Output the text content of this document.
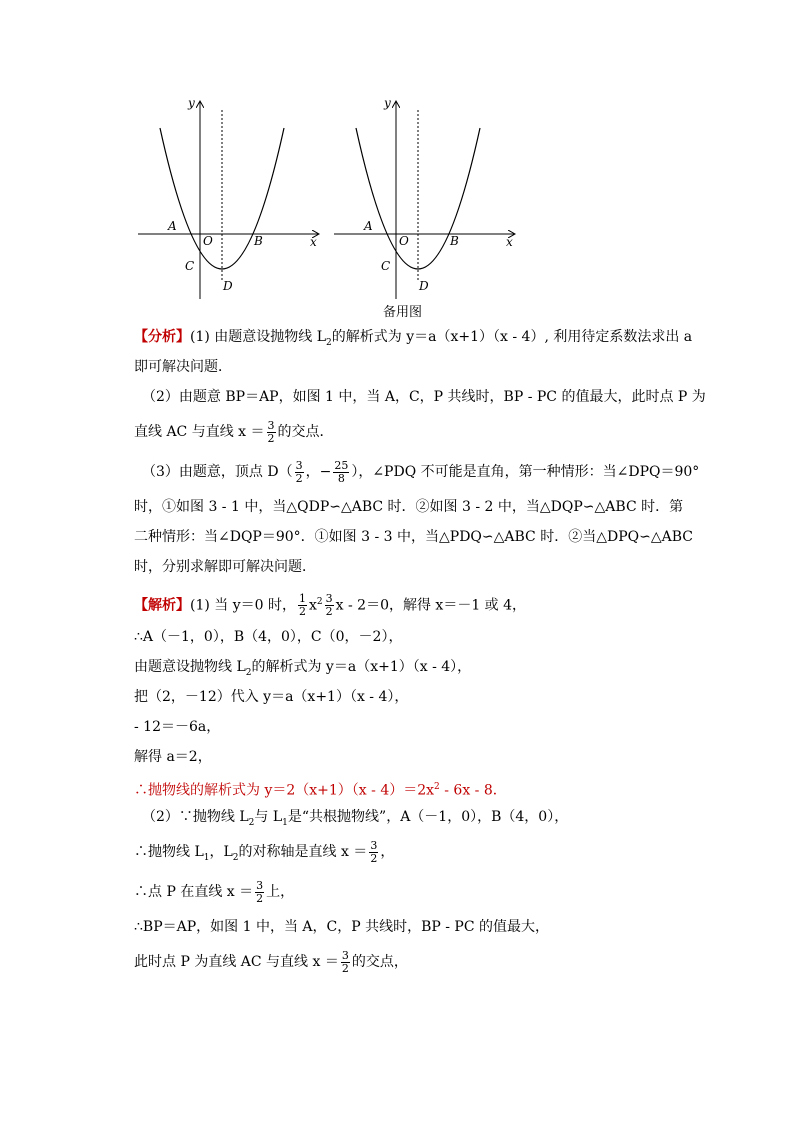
y
x
A
O	B
C
D
y
x
A
O	B
C
D
备用图
【分析】(1) 由题意设抛物线 $L_2$的解析式为 y＝a（x+1）（x - 4）, 利用待定系数法求出 a
即可解决问题．
（2）由题意 BP＝AP，如图 1 中，当 A，C，P 共线时，BP - PC 的值最大，此时点 P 为
直线 AC 与直线 $x = \frac{3}{2}$ 的交点．
（3）由题意，顶点 $D( \frac{3}{2}$ ，− $\frac{25}{8}$ ），∠PDQ 不可能是直角，第一种情形：当∠DPQ＝90°
时，①如图 3 - 1 中，当△QDP∽△ABC 时．②如图 3 - 2 中，当△DQP∽△ABC 时．第
二种情形：当∠DQP＝90°．①如图 3 - 3 中，当△PDQ∽△ABC 时．②当△DPQ∽△ABC
时，分别求解即可解决问题．
【解析】(1) 当 y＝0 时， $\frac{1}{2} x^2 \frac{3}{2}$ x - 2＝0，解得 x＝－1 或 4，
∴A（－1，0），B（4，0），C（0，－2），
由题意设抛物线 $L_2$的解析式为 y＝a（x+1）（x - 4），
把（2，－12）代入 y＝a（x+1）（x - 4），
- 12＝－6a，
解得 a＝2，
∴抛物线的解析式为 $y=2(x+1)(x - 4)=2x^2 - 6x - 8$．
（2）∵抛物线 $L_2$与 $L_1$是“共根抛物线”，A（－1，0），B（4，0），
∴抛物线 $L_1$，$L_2$的对称轴是直线 $x = \frac{3}{2}$ ，
∴点 P 在直线 $x = \frac{3}{2}$ 上，
∴BP＝AP，如图 1 中，当 A，C，P 共线时，BP - PC 的值最大，
此时点 P 为直线 AC 与直线 $x = \frac{3}{2}$ 的交点，
